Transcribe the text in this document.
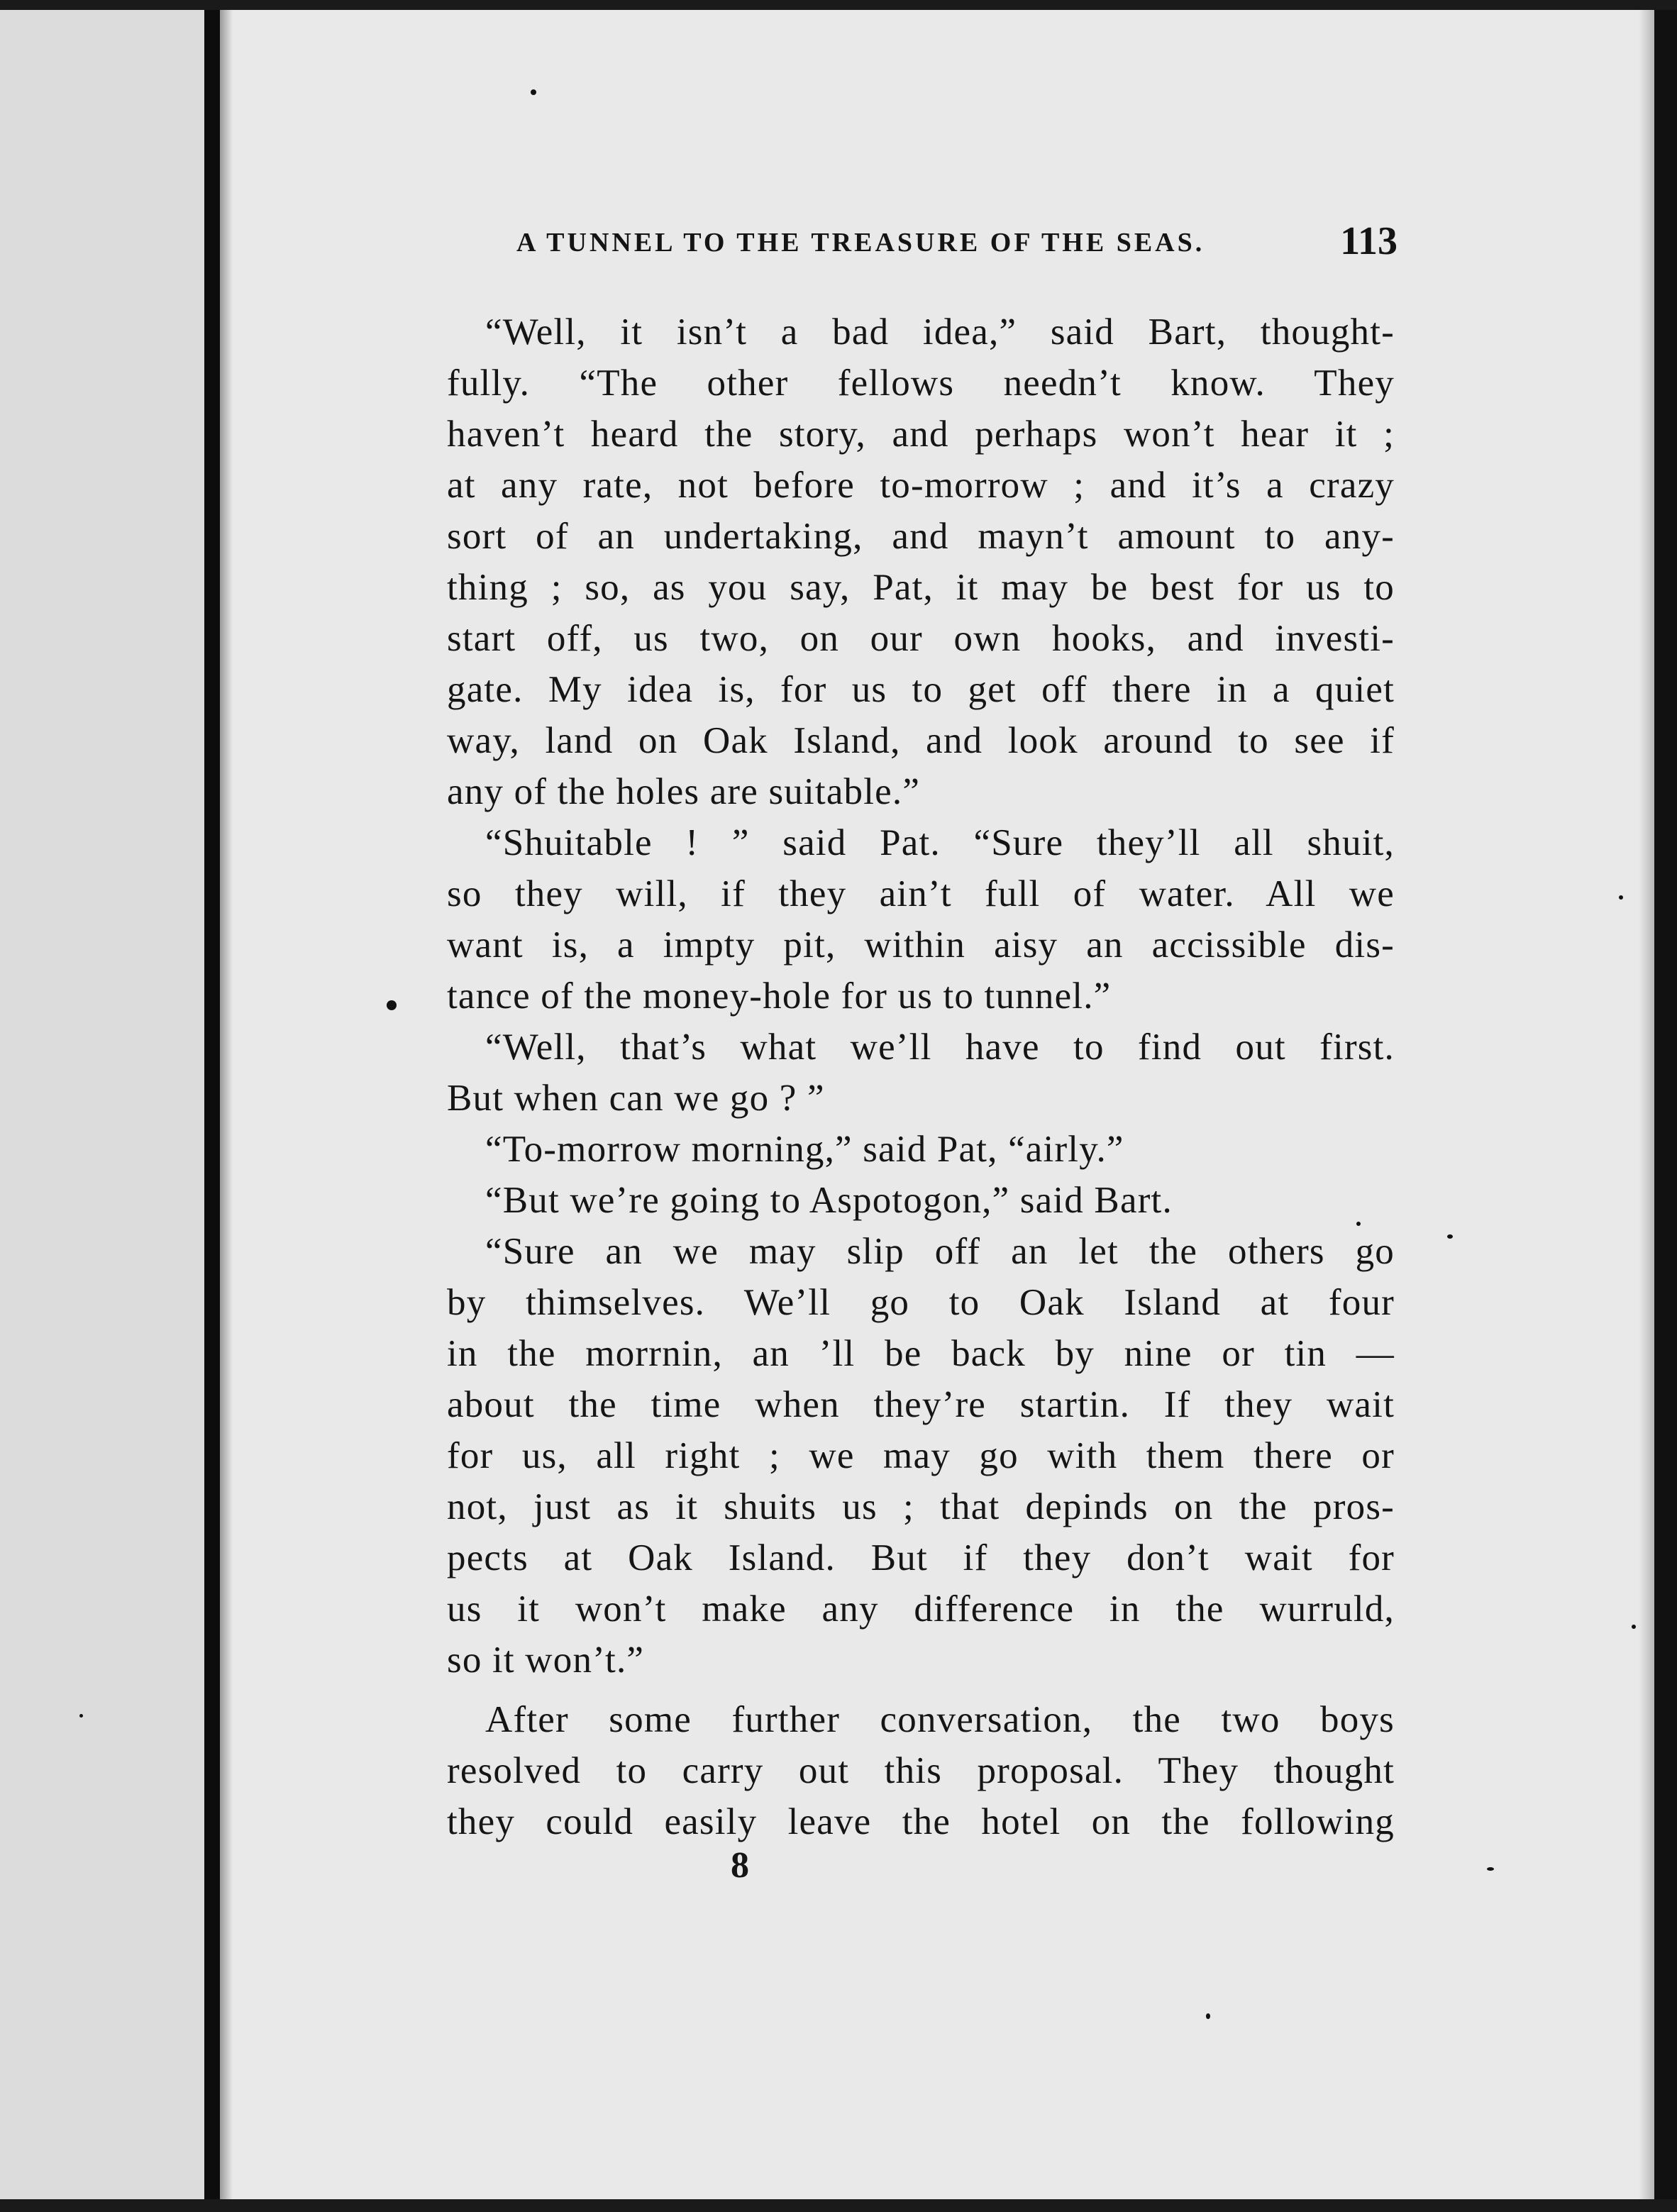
A TUNNEL TO THE TREASURE OF THE SEAS.	113
“Well, it isn’t a bad idea,” said Bart, thought-
fully. “The other fellows needn’t know. They
haven’t heard the story, and perhaps won’t hear it ;
at any rate, not before to-morrow ; and it’s a crazy
sort of an undertaking, and mayn’t amount to any-
thing ; so, as you say, Pat, it may be best for us to
start off, us two, on our own hooks, and investi-
gate. My idea is, for us to get off there in a quiet
way, land on Oak Island, and look around to see if
any of the holes are suitable.”
“Shuitable ! ” said Pat. “Sure they’ll all shuit,
so they will, if they ain’t full of water. All we
want is, a impty pit, within aisy an accissible dis-
tance of the money-hole for us to tunnel.”
“Well, that’s what we’ll have to find out first.
But when can we go ? ”
“To-morrow morning,” said Pat, “airly.”
“But we’re going to Aspotogon,” said Bart.
“Sure an we may slip off an let the others go
by thimselves. We’ll go to Oak Island at four
in the morrnin, an ’ll be back by nine or tin —
about the time when they’re startin. If they wait
for us, all right ; we may go with them there or
not, just as it shuits us ; that depinds on the pros-
pects at Oak Island. But if they don’t wait for
us it won’t make any difference in the wurruld,
so it won’t.”
After some further conversation, the two boys
resolved to carry out this proposal. They thought
they could easily leave the hotel on the following
8
